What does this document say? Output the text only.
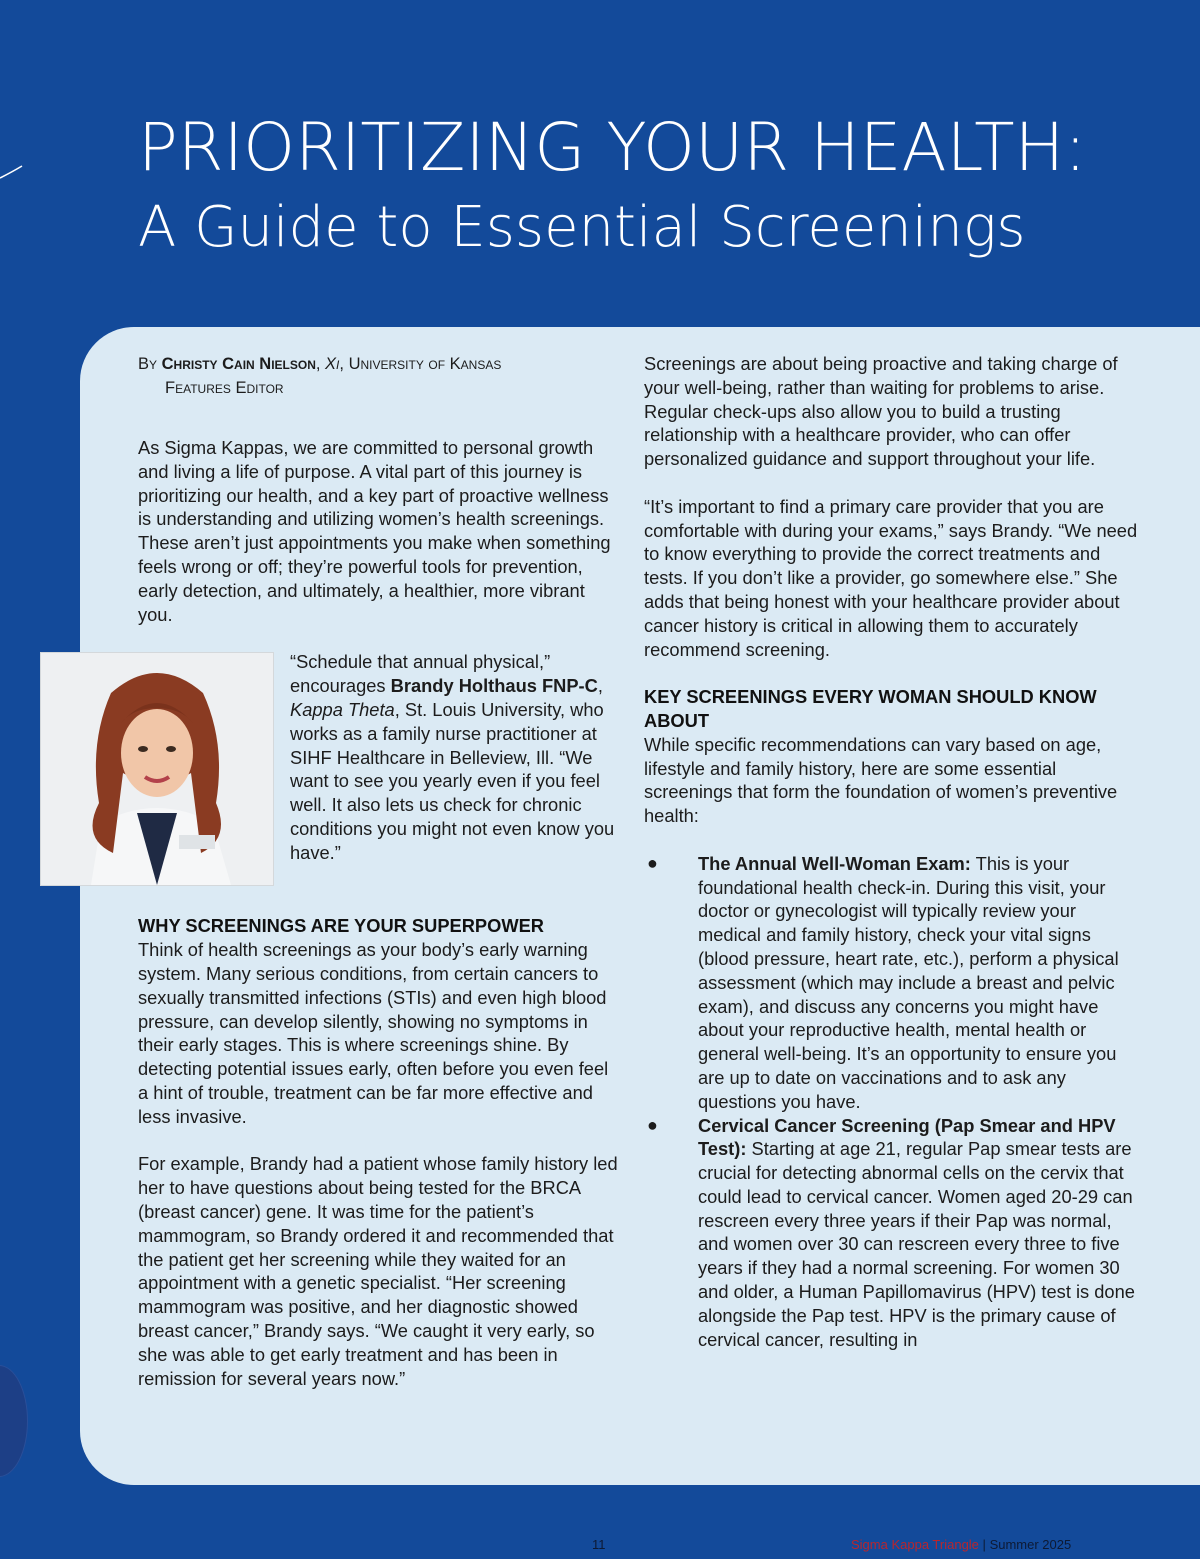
PRIORITIZING YOUR HEALTH:
A Guide to Essential Screenings
By Christy Cain Nielson, Xi, University of Kansas
Features Editor

As Sigma Kappas, we are committed to personal growth and living a life of purpose. A vital part of this journey is prioritizing our health, and a key part of proactive wellness is understanding and utilizing women’s health screenings. These aren’t just appointments you make when something feels wrong or off; they’re powerful tools for prevention, early detection, and ultimately, a healthier, more vibrant you.

“Schedule that annual physical,” encourages Brandy Holthaus FNP-C, Kappa Theta, St. Louis University, who works as a family nurse practitioner at SIHF Healthcare in Belleview, Ill. “We want to see you yearly even if you feel well. It also lets us check for chronic conditions you might not even know you have.”

WHY SCREENINGS ARE YOUR SUPERPOWER

Think of health screenings as your body’s early warning system. Many serious conditions, from certain cancers to sexually transmitted infections (STIs) and even high blood pressure, can develop silently, showing no symptoms in their early stages. This is where screenings shine. By detecting potential issues early, often before you even feel a hint of trouble, treatment can be far more effective and less invasive.

For example, Brandy had a patient whose family history led her to have questions about being tested for the BRCA (breast cancer) gene. It was time for the patient’s mammogram, so Brandy ordered it and recommended that the patient get her screening while they waited for an appointment with a genetic specialist. “Her screening mammogram was positive, and her diagnostic showed breast cancer,” Brandy says. “We caught it very early, so she was able to get early treatment and has been in remission for several years now.”

Screenings are about being proactive and taking charge of your well-being, rather than waiting for problems to arise. Regular check-ups also allow you to build a trusting relationship with a healthcare provider, who can offer personalized guidance and support throughout your life.

“It’s important to find a primary care provider that you are comfortable with during your exams,” says Brandy. “We need to know everything to provide the correct treatments and tests. If you don’t like a provider, go somewhere else.” She adds that being honest with your healthcare provider about cancer history is critical in allowing them to accurately recommend screening.

KEY SCREENINGS EVERY WOMAN SHOULD KNOW ABOUT

While specific recommendations can vary based on age, lifestyle and family history, here are some essential screenings that form the foundation of women’s preventive health:

● The Annual Well-Woman Exam: This is your foundational health check-in. During this visit, your doctor or gynecologist will typically review your medical and family history, check your vital signs (blood pressure, heart rate, etc.), perform a physical assessment (which may include a breast and pelvic exam), and discuss any concerns you might have about your reproductive health, mental health or general well-being. It’s an opportunity to ensure you are up to date on vaccinations and to ask any questions you have.
● Cervical Cancer Screening (Pap Smear and HPV Test): Starting at age 21, regular Pap smear tests are crucial for detecting abnormal cells on the cervix that could lead to cervical cancer. Women aged 20-29 can rescreen every three years if their Pap was normal, and women over 30 can rescreen every three to five years if they had a normal screening. For women 30 and older, a Human Papillomavirus (HPV) test is done alongside the Pap test. HPV is the primary cause of cervical cancer, resulting in
11	Sigma Kappa Triangle | Summer 2025
